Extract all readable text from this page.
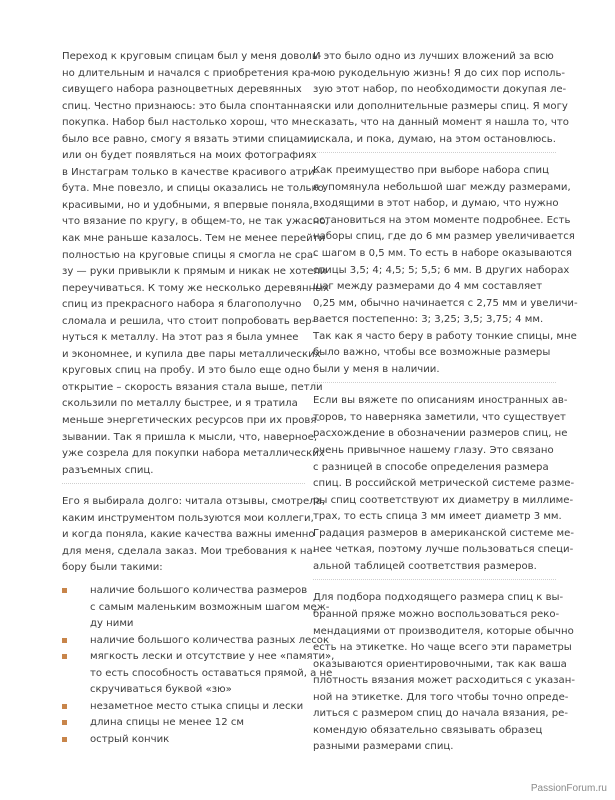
Переход к круговым спицам был у меня доволь-
но длительным и начался с приобретения кра-
сивущего набора разноцветных деревянных
спиц. Честно признаюсь: это была спонтанная
покупка. Набор был настолько хорош, что мне
было все равно, смогу я вязать этими спицами,
или он будет появляться на моих фотографиях
в Инстаграм только в качестве красивого атри-
бута. Мне повезло, и спицы оказались не только
красивыми, но и удобными, я впервые поняла,
что вязание по кругу, в общем-то, не так ужасно,
как мне раньше казалось. Тем не менее перейти
полностью на круговые спицы я смогла не сра-
зу — руки привыкли к прямым и никак не хотели
переучиваться. К тому же несколько деревянных
спиц из прекрасного набора я благополучно
сломала и решила, что стоит попробовать вер-
нуться к металлу. На этот раз я была умнее
и экономнее, и купила две пары металлических
круговых спиц на пробу. И это было еще одно
открытие – скорость вязания стала выше, петли
скользили по металлу быстрее, и я тратила
меньше энергетических ресурсов при их провя-
зывании. Так я пришла к мысли, что, наверное,
уже созрела для покупки набора металлических
разъемных спиц.
Его я выбирала долго: читала отзывы, смотрела,
каким инструментом пользуются мои коллеги,
и когда поняла, какие качества важны именно
для меня, сделала заказ. Мои требования к на-
бору были такими:
наличие большого количества размеров
с самым маленьким возможным шагом меж-
ду ними
наличие большого количества разных лесок
мягкость лески и отсутствие у нее «памяти»,
то есть способность оставаться прямой, а не
скручиваться буквой «зю»
незаметное место стыка спицы и лески
длина спицы не менее 12 см
острый кончик
И это было одно из лучших вложений за всю
мою рукодельную жизнь! Я до сих пор исполь-
зую этот набор, по необходимости докупая ле-
ски или дополнительные размеры спиц. Я могу
сказать, что на данный момент я нашла то, что
искала, и пока, думаю, на этом остановлюсь.
Как преимущество при выборе набора спиц
я упомянула небольшой шаг между размерами,
входящими в этот набор, и думаю, что нужно
остановиться на этом моменте подробнее. Есть
наборы спиц, где до 6 мм размер увеличивается
с шагом в 0,5 мм. То есть в наборе оказываются
спицы 3,5; 4; 4,5; 5; 5,5; 6 мм. В других наборах
шаг между размерами до 4 мм составляет
0,25 мм, обычно начинается с 2,75 мм и увеличи-
вается постепенно: 3; 3,25; 3,5; 3,75; 4 мм.
Так как я часто беру в работу тонкие спицы, мне
было важно, чтобы все возможные размеры
были у меня в наличии.
Если вы вяжете по описаниям иностранных ав-
торов, то наверняка заметили, что существует
расхождение в обозначении размеров спиц, не
очень привычное нашему глазу. Это связано
с разницей в способе определения размера
спиц. В российской метрической системе разме-
ры спиц соответствуют их диаметру в миллиме-
трах, то есть спица 3 мм имеет диаметр 3 мм.
Градация размеров в американской системе ме-
нее четкая, поэтому лучше пользоваться специ-
альной таблицей соответствия размеров.
Для подбора подходящего размера спиц к вы-
бранной пряже можно воспользоваться реко-
мендациями от производителя, которые обычно
есть на этикетке. Но чаще всего эти параметры
оказываются ориентировочными, так как ваша
плотность вязания может расходиться с указан-
ной на этикетке. Для того чтобы точно опреде-
литься с размером спиц до начала вязания, ре-
комендую обязательно связывать образец
разными размерами спиц.
PassionForum.ru
